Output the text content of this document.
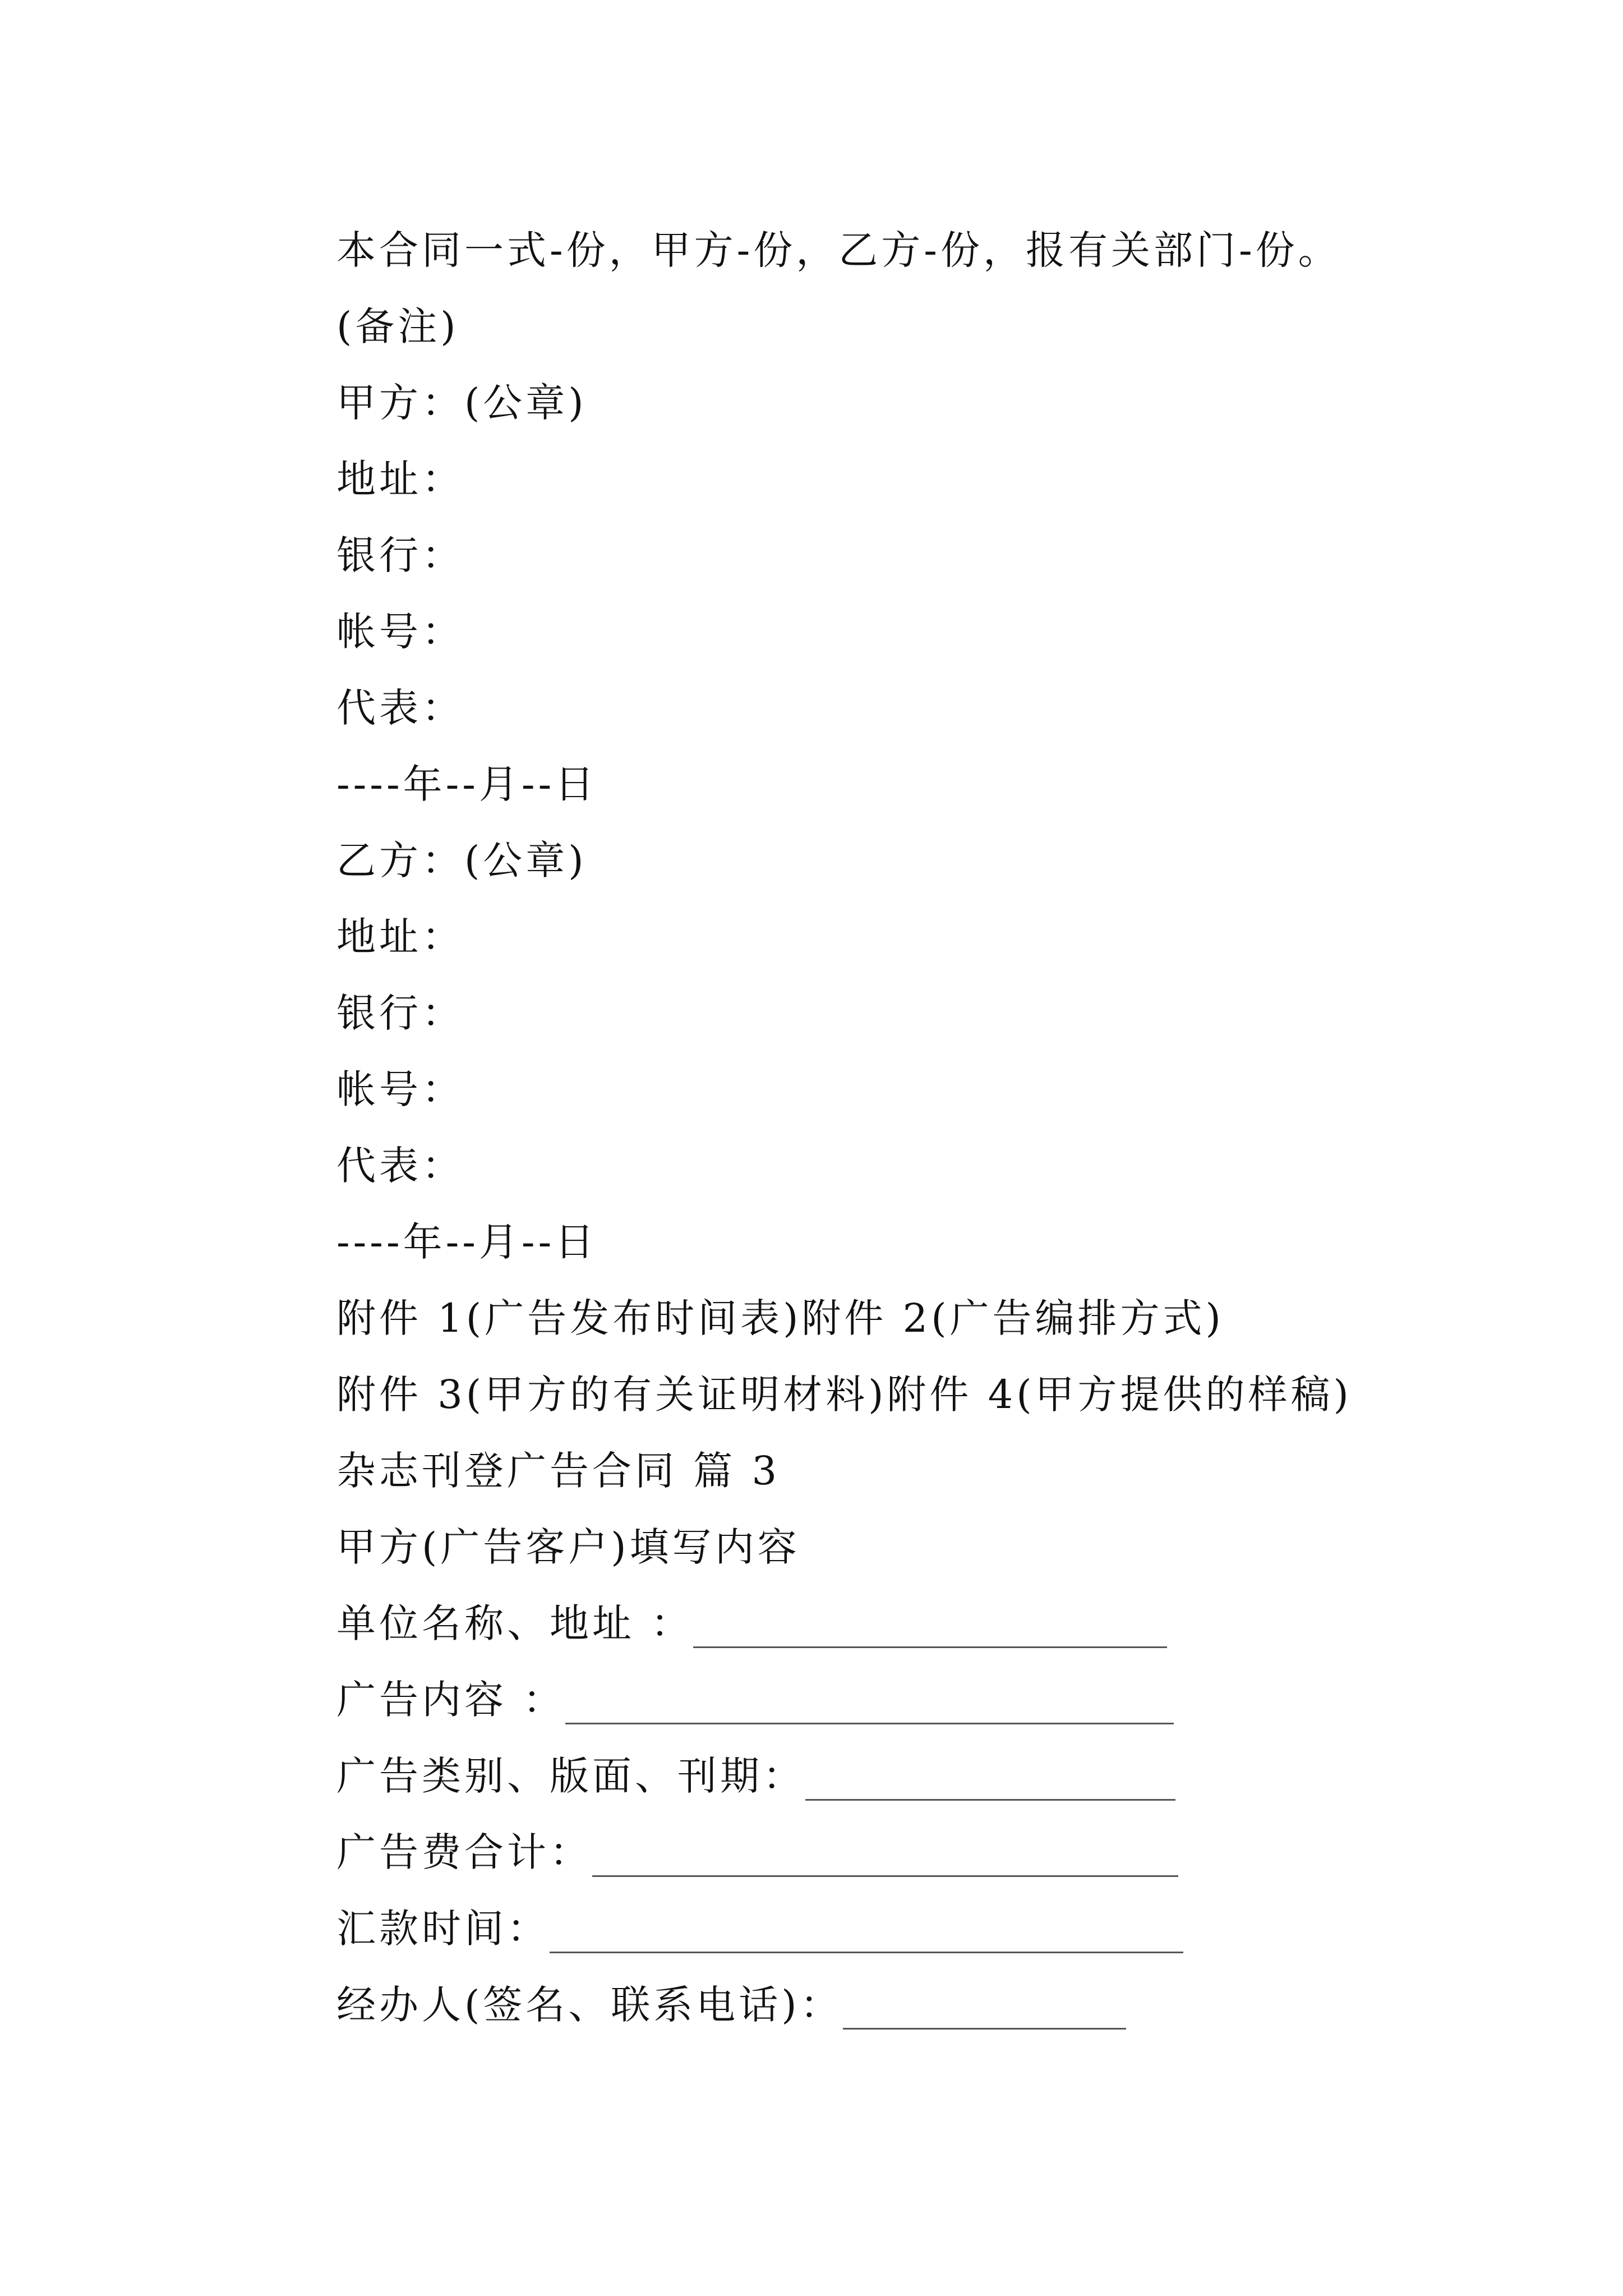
本合同一式-份，甲方-份，乙方-份，报有关部门-份。
(备注)
甲方：(公章)
地址：
银行：
帐号：
代表：
----年--月--日
乙方：(公章)
地址：
银行：
帐号：
代表：
----年--月--日
附件 1(广告发布时间表)附件 2(广告编排方式)
附件 3(甲方的有关证明材料)附件 4(甲方提供的样稿)
杂志刊登广告合同 篇 3
甲方(广告客户)填写内容
单位名称、地址 ：
广告内容 ：
广告类别、版面、刊期：
广告费合计：
汇款时间：
经办人(签名、联系电话)：
